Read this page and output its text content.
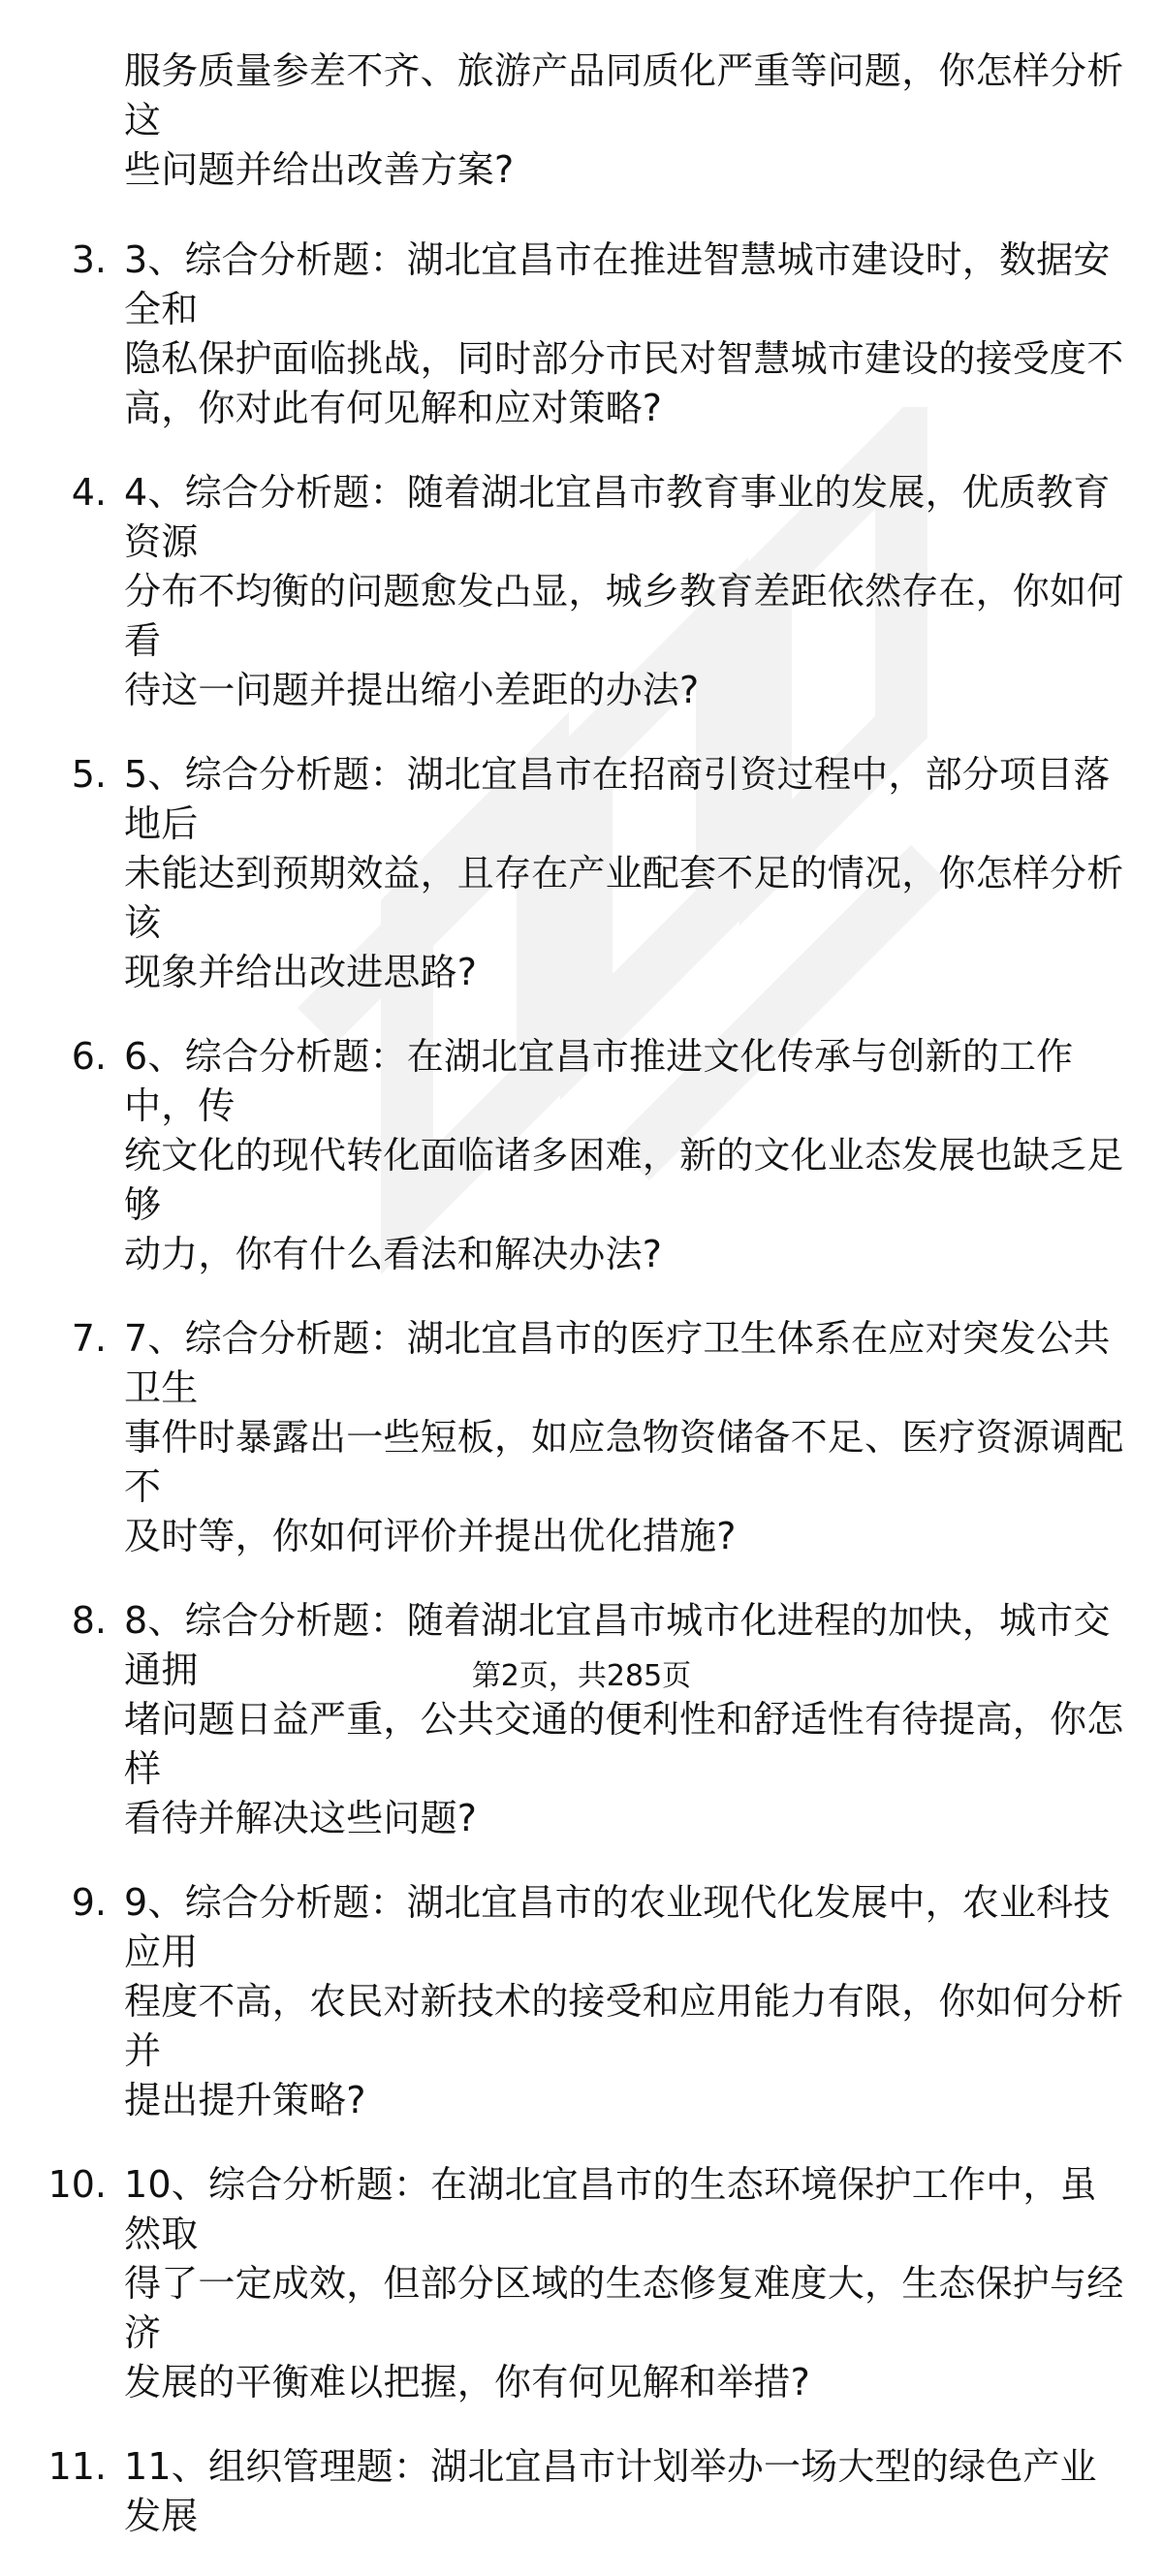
服务质量参差不齐、旅游产品同质化严重等问题，你怎样分析这
些问题并给出改善方案?
3. 3、综合分析题：湖北宜昌市在推进智慧城市建设时，数据安全和
隐私保护面临挑战，同时部分市民对智慧城市建设的接受度不
高，你对此有何见解和应对策略?
4. 4、综合分析题：随着湖北宜昌市教育事业的发展，优质教育资源
分布不均衡的问题愈发凸显，城乡教育差距依然存在，你如何看
待这一问题并提出缩小差距的办法?
5. 5、综合分析题：湖北宜昌市在招商引资过程中，部分项目落地后
未能达到预期效益，且存在产业配套不足的情况，你怎样分析该
现象并给出改进思路?
6. 6、综合分析题：在湖北宜昌市推进文化传承与创新的工作中，传
统文化的现代转化面临诸多困难，新的文化业态发展也缺乏足够
动力，你有什么看法和解决办法?
7. 7、综合分析题：湖北宜昌市的医疗卫生体系在应对突发公共卫生
事件时暴露出一些短板，如应急物资储备不足、医疗资源调配不
及时等，你如何评价并提出优化措施?
8. 8、综合分析题：随着湖北宜昌市城市化进程的加快，城市交通拥
堵问题日益严重，公共交通的便利性和舒适性有待提高，你怎样
看待并解决这些问题?
9. 9、综合分析题：湖北宜昌市的农业现代化发展中，农业科技应用
程度不高，农民对新技术的接受和应用能力有限，你如何分析并
提出提升策略?
10. 10、综合分析题：在湖北宜昌市的生态环境保护工作中，虽然取
得了一定成效，但部分区域的生态修复难度大，生态保护与经济
发展的平衡难以把握，你有何见解和举措?
11. 11、组织管理题：湖北宜昌市计划举办一场大型的绿色产业发展
第2页，共285页
